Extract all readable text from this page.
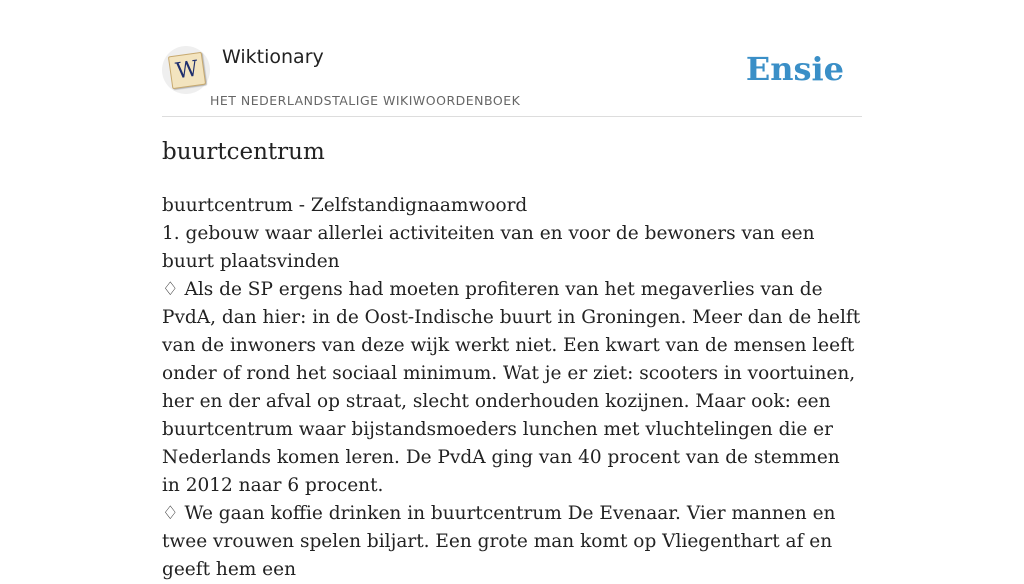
W	Wiktionary
HET NEDERLANDSTALIGE WIKIWOORDENBOEK
Ensie
buurtcentrum

buurtcentrum - Zelfstandignaamwoord

1. gebouw waar allerlei activiteiten van en voor de bewoners van een buurt plaatsvinden

♢ Als de SP ergens had moeten profiteren van het megaverlies van de PvdA, dan hier: in de Oost-Indische buurt in Groningen. Meer dan de helft van de inwoners van deze wijk werkt niet. Een kwart van de mensen leeft onder of rond het sociaal minimum. Wat je er ziet: scooters in voortuinen, her en der afval op straat, slecht onderhouden kozijnen. Maar ook: een buurtcentrum waar bijstandsmoeders lunchen met vluchtelingen die er Nederlands komen leren. De PvdA ging van 40 procent van de stemmen in 2012 naar 6 procent.

♢ We gaan koffie drinken in buurtcentrum De Evenaar. Vier mannen en twee vrouwen spelen biljart. Een grote man komt op Vliegenthart af en geeft hem een
